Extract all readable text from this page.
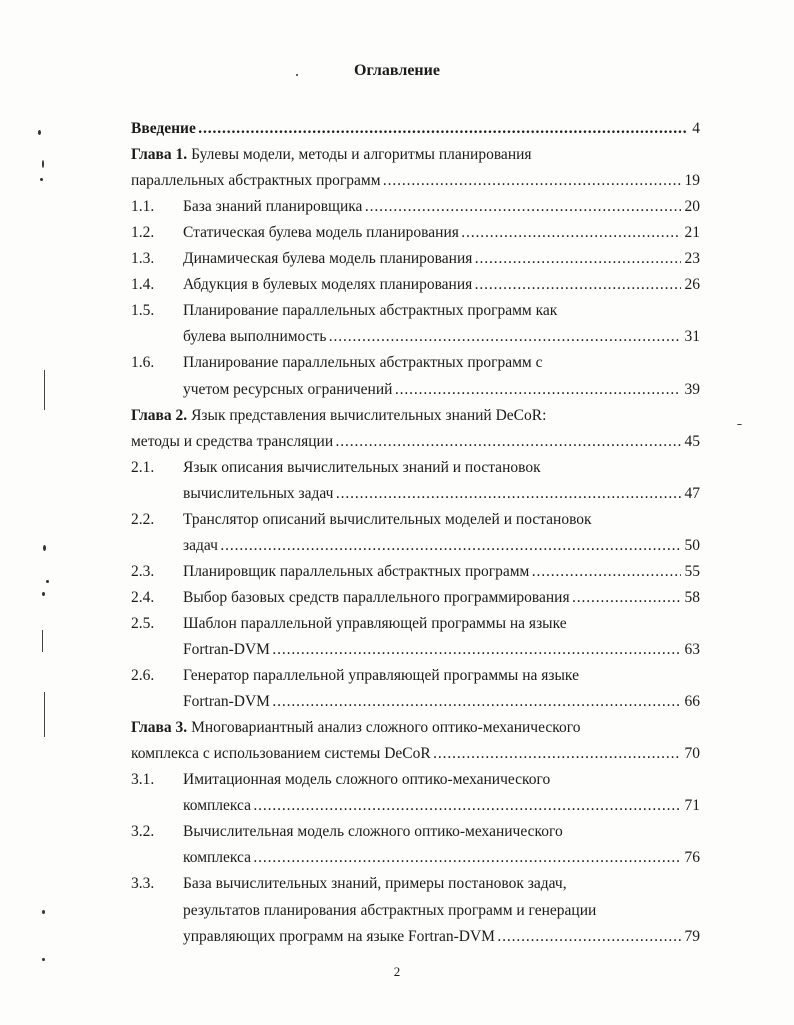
Оглавление
Введение . . .	4
Глава 1. Булевы модели, методы и алгоритмы планирования
параллельных абстрактных программ . . .	19
1.1. База знаний планировщика . . .	20
1.2. Статическая булева модель планирования . . .	21
1.3. Динамическая булева модель планирования . . .	23
1.4. Абдукция в булевых моделях планирования . . .	26
1.5. Планирование параллельных абстрактных программ как
булева выполнимость . . .	31
1.6. Планирование параллельных абстрактных программ с
учетом ресурсных ограничений . . .	39
Глава 2. Язык представления вычислительных знаний DeCoR:
методы и средства трансляции . . .	45
2.1. Язык описания вычислительных знаний и постановок
вычислительных задач . . .	47
2.2. Транслятор описаний вычислительных моделей и постановок
задач . . .	50
2.3. Планировщик параллельных абстрактных программ . . .	55
2.4. Выбор базовых средств параллельного программирования . . .	58
2.5. Шаблон параллельной управляющей программы на языке
Fortran-DVM . . .	63
2.6. Генератор параллельной управляющей программы на языке
Fortran-DVM . . .	66
Глава 3. Многовариантный анализ сложного оптико-механического
комплекса с использованием системы DeCoR . . .	70
3.1. Имитационная модель сложного оптико-механического
комплекса . . .	71
3.2. Вычислительная модель сложного оптико-механического
комплекса . . .	76
3.3. База вычислительных знаний, примеры постановок задач,
результатов планирования абстрактных программ и генерации
управляющих программ на языке Fortran-DVM . . .	79
2
